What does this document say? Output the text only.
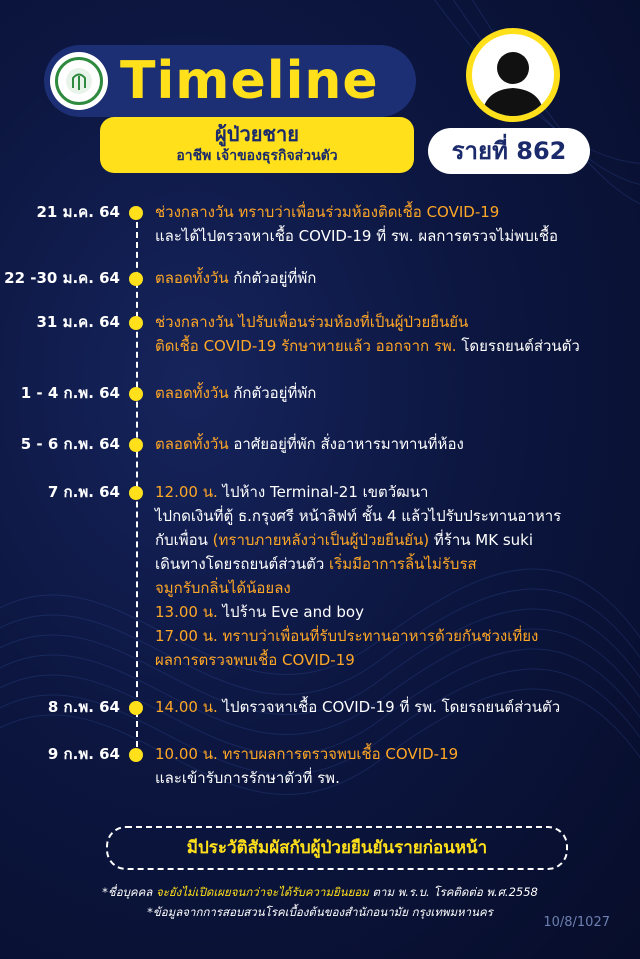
Timeline
ผู้ป่วยชาย
อาชีพ เจ้าของธุรกิจส่วนตัว	รายที่ 862
21 ม.ค. 64 ช่วงกลางวัน ทราบว่าเพื่อนร่วมห้องติดเชื้อ COVID-19
และได้ไปตรวจหาเชื้อ COVID-19 ที่ รพ. ผลการตรวจไม่พบเชื้อ
22 -30 ม.ค. 64 ตลอดทั้งวัน กักตัวอยู่ที่พัก
31 ม.ค. 64 ช่วงกลางวัน ไปรับเพื่อนร่วมห้องที่เป็นผู้ป่วยยืนยัน
ติดเชื้อ COVID-19 รักษาหายแล้ว ออกจาก รพ. โดยรถยนต์ส่วนตัว
1 - 4 ก.พ. 64 ตลอดทั้งวัน กักตัวอยู่ที่พัก
5 - 6 ก.พ. 64 ตลอดทั้งวัน อาศัยอยู่ที่พัก สั่งอาหารมาทานที่ห้อง
7 ก.พ. 64 12.00 น. ไปห้าง Terminal-21 เขตวัฒนา
ไปกดเงินที่ตู้ ธ.กรุงศรี หน้าลิฟท์ ชั้น 4 แล้วไปรับประทานอาหาร
กับเพื่อน (ทราบภายหลังว่าเป็นผู้ป่วยยืนยัน) ที่ร้าน MK suki
เดินทางโดยรถยนต์ส่วนตัว เริ่มมีอาการลิ้นไม่รับรส
จมูกรับกลิ่นได้น้อยลง
13.00 น. ไปร้าน Eve and boy
17.00 น. ทราบว่าเพื่อนที่รับประทานอาหารด้วยกันช่วงเที่ยง
ผลการตรวจพบเชื้อ COVID-19
8 ก.พ. 64 14.00 น. ไปตรวจหาเชื้อ COVID-19 ที่ รพ. โดยรถยนต์ส่วนตัว
9 ก.พ. 64 10.00 น. ทราบผลการตรวจพบเชื้อ COVID-19
และเข้ารับการรักษาตัวที่ รพ.
มีประวัติสัมผัสกับผู้ป่วยยืนยันรายก่อนหน้า
*ชื่อบุคคล จะยังไม่เปิดเผยจนกว่าจะได้รับความยินยอม ตาม พ.ร.บ. โรคติดต่อ พ.ศ.2558
*ข้อมูลจากการสอบสวนโรคเบื้องต้นของสำนักอนามัย กรุงเทพมหานคร
10/8/1027
